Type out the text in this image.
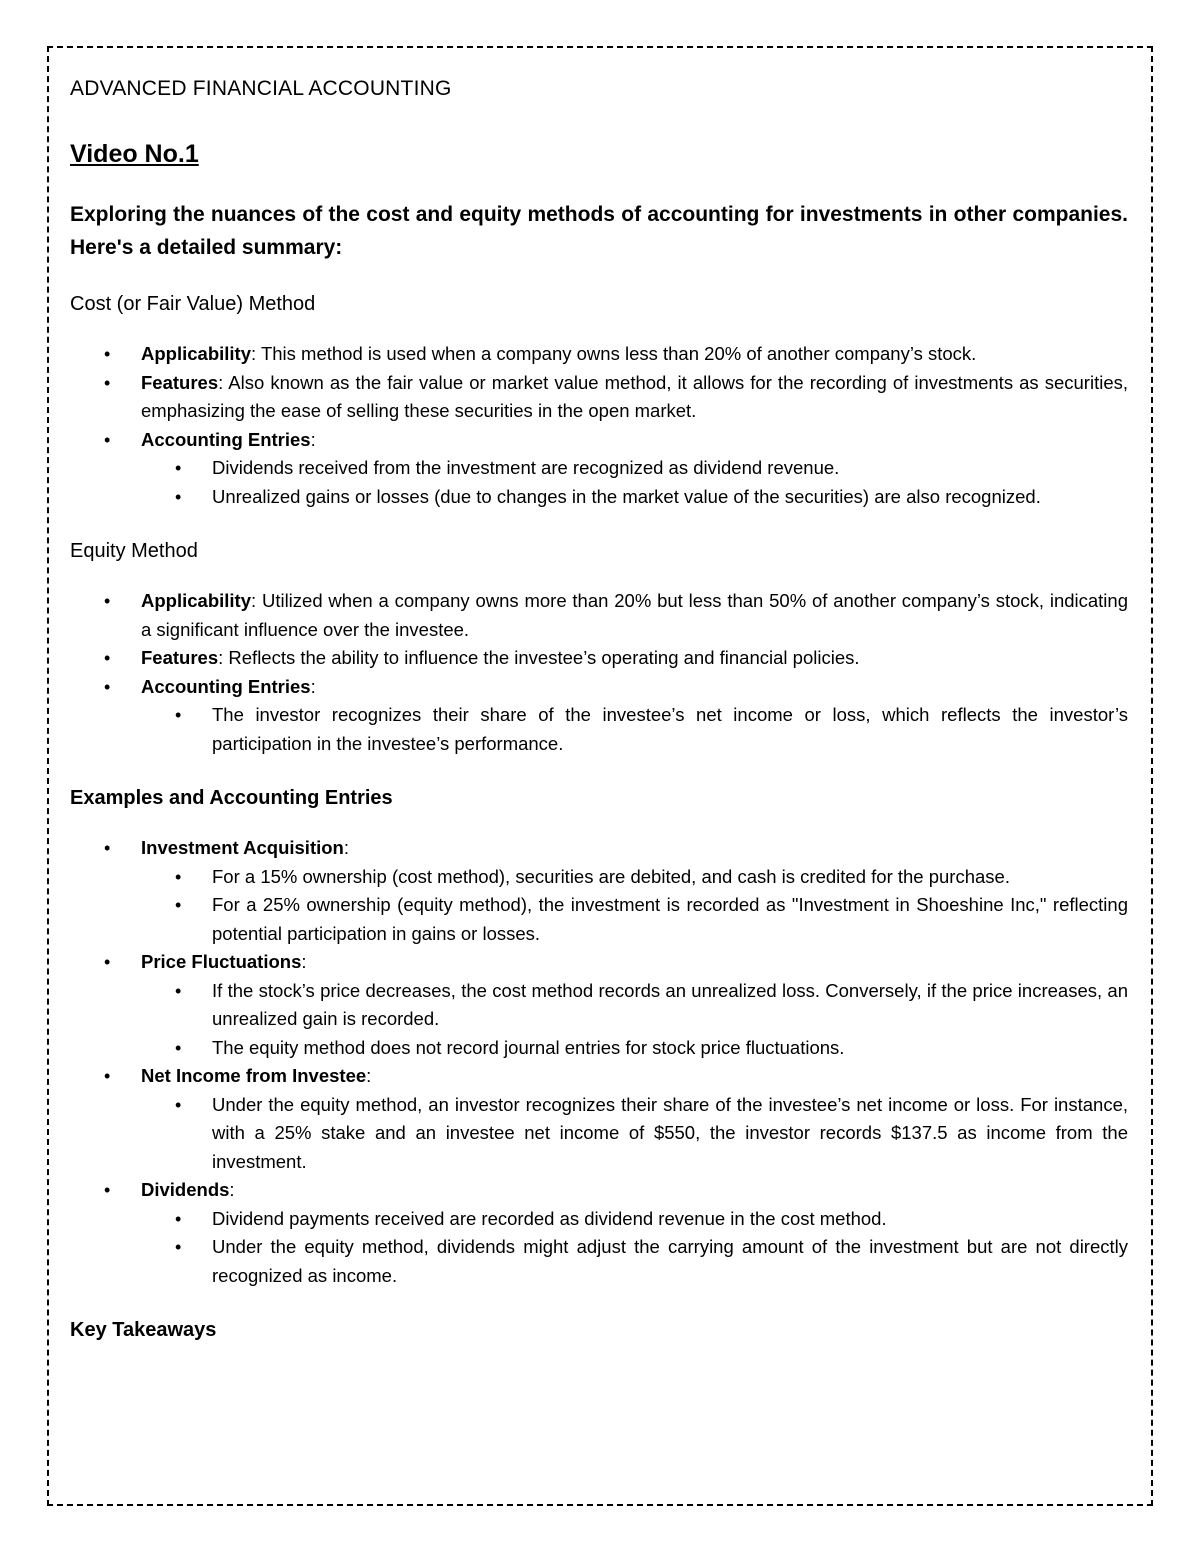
ADVANCED FINANCIAL ACCOUNTING

Video No.1

Exploring the nuances of the cost and equity methods of accounting for investments in other companies. Here's a detailed summary:

Cost (or Fair Value) Method

• Applicability: This method is used when a company owns less than 20% of another company’s stock.
• Features: Also known as the fair value or market value method, it allows for the recording of investments as securities, emphasizing the ease of selling these securities in the open market.
• Accounting Entries:
• Dividends received from the investment are recognized as dividend revenue.
• Unrealized gains or losses (due to changes in the market value of the securities) are also recognized.

Equity Method

• Applicability: Utilized when a company owns more than 20% but less than 50% of another company’s stock, indicating a significant influence over the investee.
• Features: Reflects the ability to influence the investee’s operating and financial policies.
• Accounting Entries:
• The investor recognizes their share of the investee’s net income or loss, which reflects the investor’s participation in the investee’s performance.

Examples and Accounting Entries

• Investment Acquisition:
• For a 15% ownership (cost method), securities are debited, and cash is credited for the purchase.
• For a 25% ownership (equity method), the investment is recorded as "Investment in Shoeshine Inc," reflecting potential participation in gains or losses.
• Price Fluctuations:
• If the stock’s price decreases, the cost method records an unrealized loss. Conversely, if the price increases, an unrealized gain is recorded.
• The equity method does not record journal entries for stock price fluctuations.
• Net Income from Investee:
• Under the equity method, an investor recognizes their share of the investee’s net income or loss. For instance, with a 25% stake and an investee net income of $550, the investor records $137.5 as income from the investment.
• Dividends:
• Dividend payments received are recorded as dividend revenue in the cost method.
• Under the equity method, dividends might adjust the carrying amount of the investment but are not directly recognized as income.

Key Takeaways
